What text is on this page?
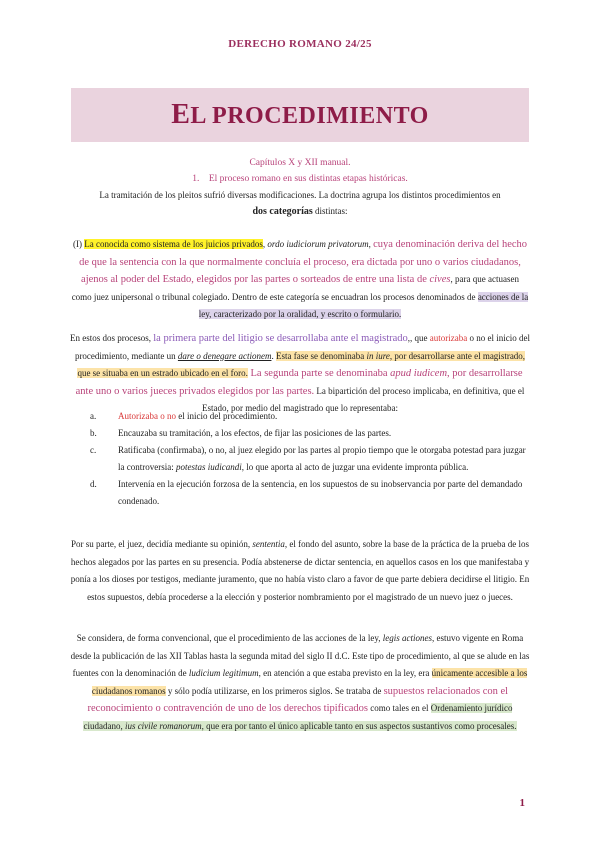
DERECHO ROMANO 24/25
EL PROCEDIMIENTO
Capítulos X y XII manual.
1. El proceso romano en sus distintas etapas históricas.
La tramitación de los pleitos sufrió diversas modificaciones. La doctrina agrupa los distintos procedimientos en
dos categorías distintas:
(I) La conocida como sistema de los juicios privados, ordo iudiciorum privatorum, cuya denominación deriva del hecho de que la sentencia con la que normalmente concluía el proceso, era dictada por uno o varios ciudadanos, ajenos al poder del Estado, elegidos por las partes o sorteados de entre una lista de cives, para que actuasen como juez unipersonal o tribunal colegiado. Dentro de este categoría se encuadran los procesos denominados de acciones de la ley, caracterizado por la oralidad, y escrito o formulario.
En estos dos procesos, la primera parte del litigio se desarrollaba ante el magistrado,, que autorizaba o no el inicio del procedimiento, mediante un dare o denegare actionem. Esta fase se denominaba in iure, por desarrollarse ante el magistrado, que se situaba en un estrado ubicado en el foro. La segunda parte se denominaba apud iudicem, por desarrollarse ante uno o varios jueces privados elegidos por las partes. La bipartición del proceso implicaba, en definitiva, que el Estado, por medio del magistrado que lo representaba:
a. Autorizaba o no el inicio del procedimiento.
b. Encauzaba su tramitación, a los efectos, de fijar las posiciones de las partes.
c. Ratificaba (confirmaba), o no, al juez elegido por las partes al propio tiempo que le otorgaba potestad para juzgar la controversia: potestas iudicandi, lo que aporta al acto de juzgar una evidente impronta pública.
d. Intervenía en la ejecución forzosa de la sentencia, en los supuestos de su inobservancia por parte del demandado condenado.
Por su parte, el juez, decidía mediante su opinión, sententia, el fondo del asunto, sobre la base de la práctica de la prueba de los hechos alegados por las partes en su presencia. Podía abstenerse de dictar sentencia, en aquellos casos en los que manifestaba y ponía a los dioses por testigos, mediante juramento, que no había visto claro a favor de que parte debiera decidirse el litigio. En estos supuestos, debía procederse a la elección y posterior nombramiento por el magistrado de un nuevo juez o jueces.
Se considera, de forma convencional, que el procedimiento de las acciones de la ley, legis actiones, estuvo vigente en Roma desde la publicación de las XII Tablas hasta la segunda mitad del siglo II d.C. Este tipo de procedimiento, al que se alude en las fuentes con la denominación de ludicium legitimum, en atención a que estaba previsto en la ley, era únicamente accesible a los ciudadanos romanos y sólo podía utilizarse, en los primeros siglos. Se trataba de supuestos relacionados con el reconocimiento o contravención de uno de los derechos tipificados como tales en el Ordenamiento jurídico ciudadano, ius civile romanorum, que era por tanto el único aplicable tanto en sus aspectos sustantivos como procesales.
1
